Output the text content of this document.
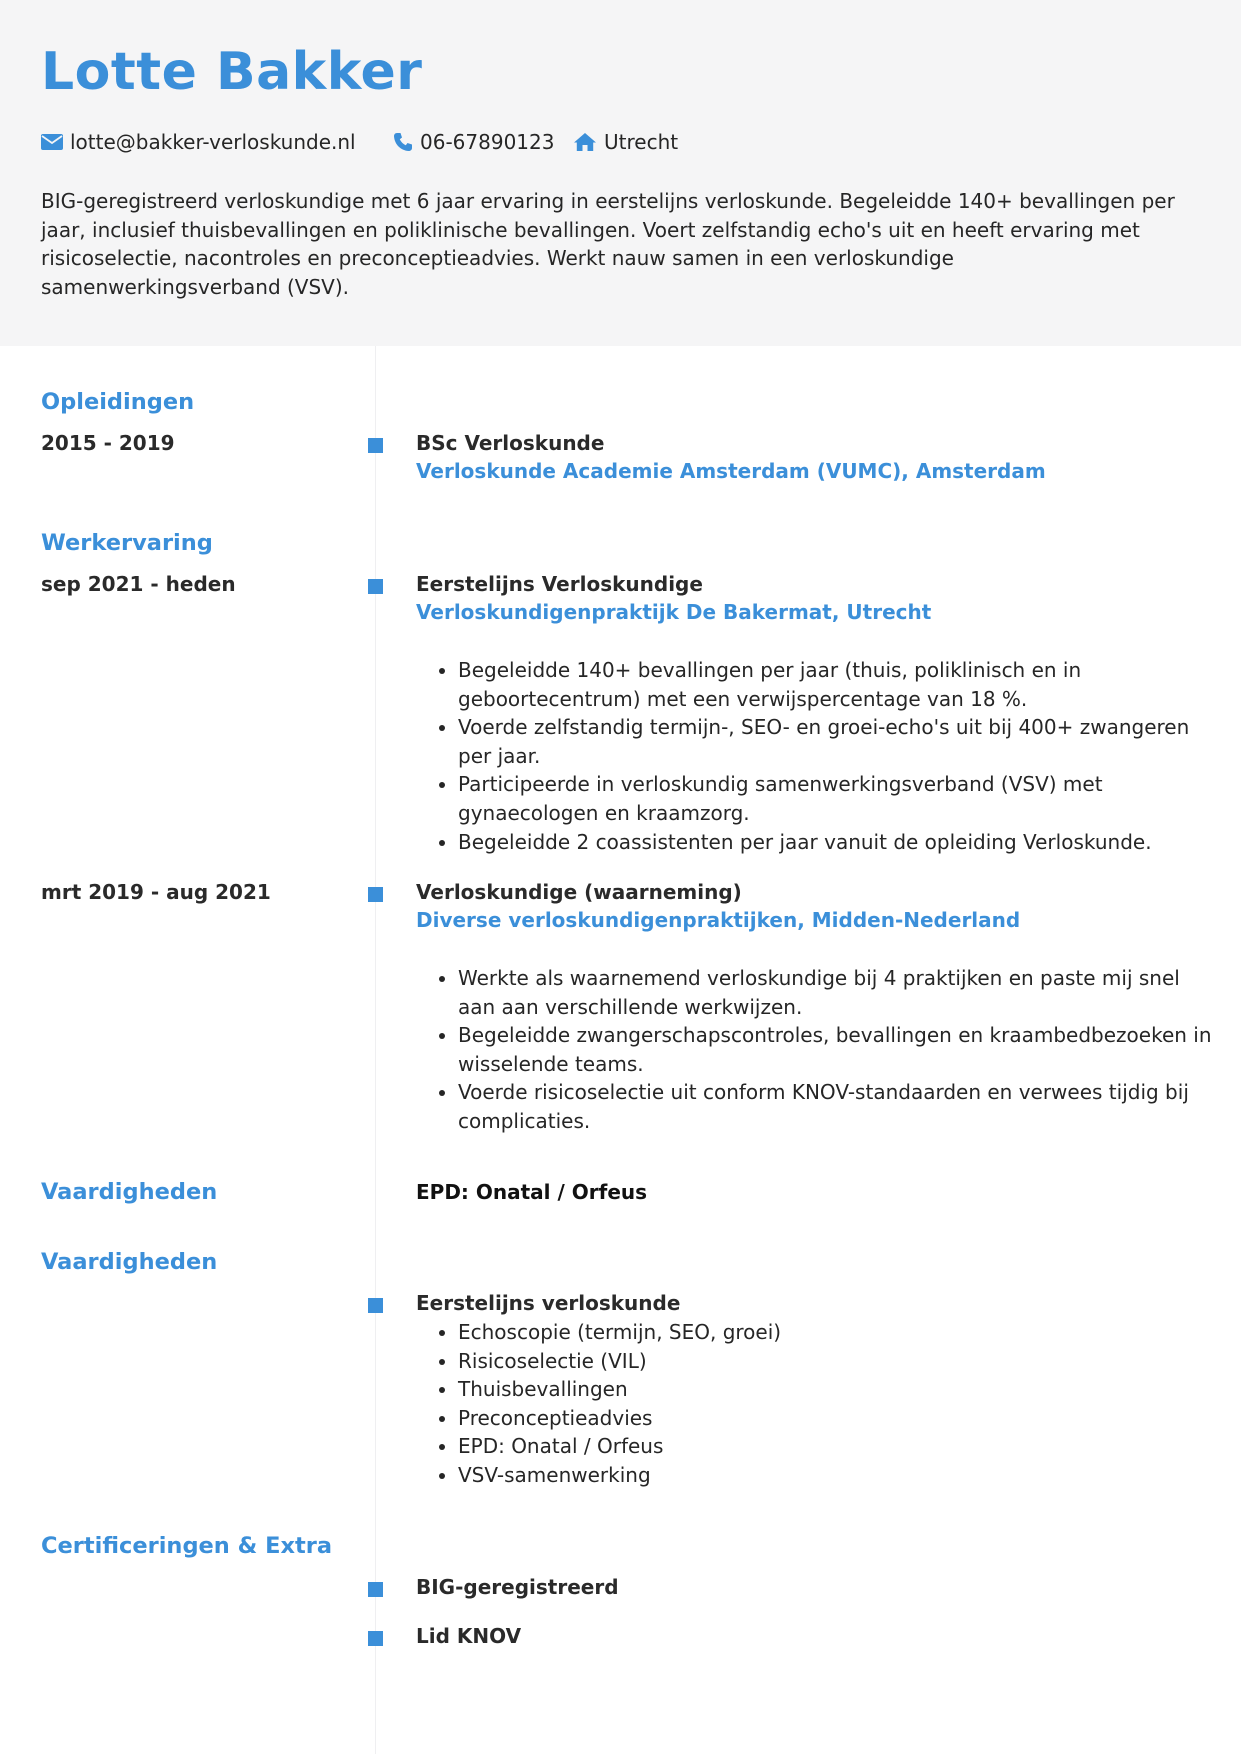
Lotte Bakker
lotte@bakker-verloskunde.nl	06-67890123 Utrecht

BIG-geregistreerd verloskundige met 6 jaar ervaring in eerstelijns verloskunde. Begeleidde 140+ bevallingen per jaar, inclusief thuisbevallingen en poliklinische bevallingen. Voert zelfstandig echo's uit en heeft ervaring met risicoselectie, nacontroles en preconceptieadvies. Werkt nauw samen in een verloskundige samenwerkingsverband (VSV).

Opleidingen
2015 - 2019	BSc Verloskunde
Verloskunde Academie Amsterdam (VUMC), Amsterdam
Werkervaring
sep 2021 - heden	Eerstelijns Verloskundige
Verloskundigenpraktijk De Bakermat, Utrecht
• Begeleidde 140+ bevallingen per jaar (thuis, poliklinisch en in geboortecentrum) met een verwijspercentage van 18 %.
• Voerde zelfstandig termijn-, SEO- en groei-echo's uit bij 400+ zwangeren per jaar.
• Participeerde in verloskundig samenwerkingsverband (VSV) met gynaecologen en kraamzorg.
• Begeleidde 2 coassistenten per jaar vanuit de opleiding Verloskunde.
mrt 2019 - aug 2021	Verloskundige (waarneming)
Diverse verloskundigenpraktijken, Midden-Nederland
• Werkte als waarnemend verloskundige bij 4 praktijken en paste mij snel aan aan verschillende werkwijzen.
• Begeleidde zwangerschapscontroles, bevallingen en kraambedbezoeken in wisselende teams.
• Voerde risicoselectie uit conform KNOV-standaarden en verwees tijdig bij complicaties.
Vaardigheden	EPD: Onatal / Orfeus
Vaardigheden
Eerstelijns verloskunde
• Echoscopie (termijn, SEO, groei)
• Risicoselectie (VIL)
• Thuisbevallingen
• Preconceptieadvies
• EPD: Onatal / Orfeus
• VSV-samenwerking
Certificeringen & Extra
BIG-geregistreerd
Lid KNOV
